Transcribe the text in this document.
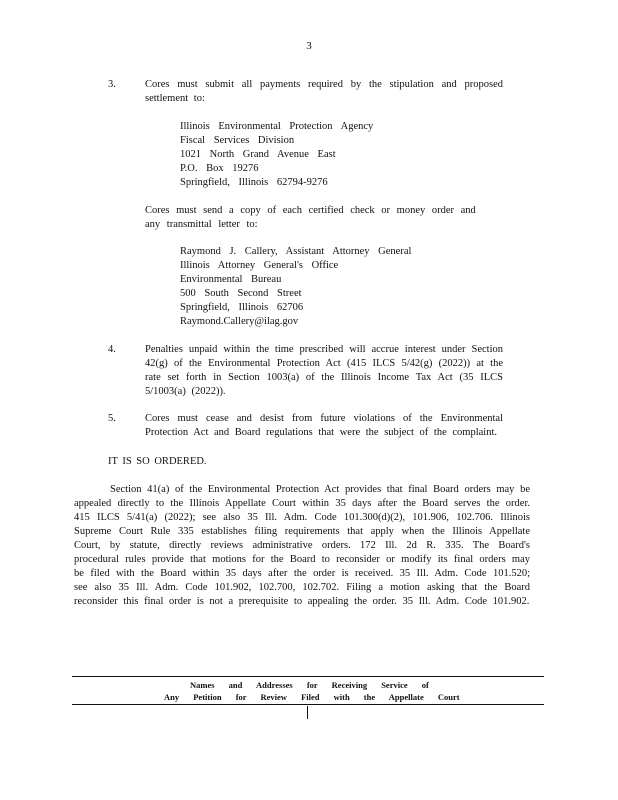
3
3.	Cores must submit all payments required by the stipulation and proposed settlement to:
Illinois Environmental Protection Agency
Fiscal Services Division
1021 North Grand Avenue East
P.O. Box 19276
Springfield, Illinois 62794-9276
Cores must send a copy of each certified check or money order and any transmittal letter to:
Raymond J. Callery, Assistant Attorney General
Illinois Attorney General's Office
Environmental Bureau
500 South Second Street
Springfield, Illinois 62706
Raymond.Callery@ilag.gov
4.	Penalties unpaid within the time prescribed will accrue interest under Section 42(g) of the Environmental Protection Act (415 ILCS 5/42(g) (2022)) at the rate set forth in Section 1003(a) of the Illinois Income Tax Act (35 ILCS 5/1003(a) (2022)).
5.	Cores must cease and desist from future violations of the Environmental Protection Act and Board regulations that were the subject of the complaint.
IT IS SO ORDERED.
Section 41(a) of the Environmental Protection Act provides that final Board orders may be appealed directly to the Illinois Appellate Court within 35 days after the Board serves the order. 415 ILCS 5/41(a) (2022); see also 35 Ill. Adm. Code 101.300(d)(2), 101.906, 102.706. Illinois Supreme Court Rule 335 establishes filing requirements that apply when the Illinois Appellate Court, by statute, directly reviews administrative orders. 172 Ill. 2d R. 335. The Board's procedural rules provide that motions for the Board to reconsider or modify its final orders may be filed with the Board within 35 days after the order is received. 35 Ill. Adm. Code 101.520; see also 35 Ill. Adm. Code 101.902, 102.700, 102.702. Filing a motion asking that the Board reconsider this final order is not a prerequisite to appealing the order. 35 Ill. Adm. Code 101.902.
Names and Addresses for Receiving Service of
Any Petition for Review Filed with the Appellate Court
